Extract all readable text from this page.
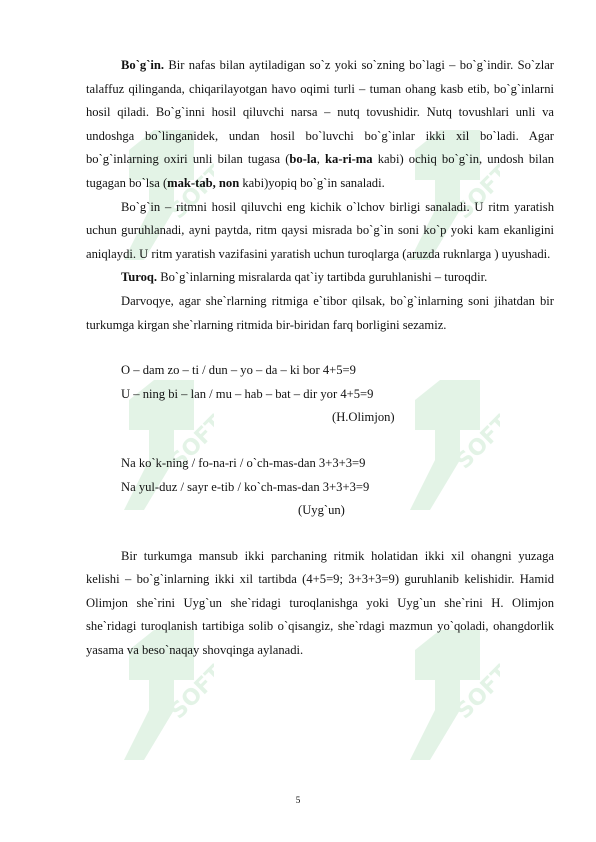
SOFT	SOFT
SOFT	SOFT
SOFT	SOFT

Bo`g`in. Bir nafas bilan aytiladigan so`z yoki so`zning bo`lagi – bo`g`indir. So`zlar talaffuz qilinganda, chiqarilayotgan havo oqimi turli – tuman ohang kasb etib, bo`g`inlarni hosil qiladi. Bo`g`inni hosil qiluvchi narsa – nutq tovushidir. Nutq tovushlari unli va undoshga bo`linganidek, undan hosil bo`luvchi bo`g`inlar ikki xil bo`ladi. Agar bo`g`inlarning oxiri unli bilan tugasa (bo-la, ka-ri-ma kabi) ochiq bo`g`in, undosh bilan tugagan bo`lsa (mak-tab, non kabi)yopiq bo`g`in sanaladi.

Bo`g`in – ritmni hosil qiluvchi eng kichik o`lchov birligi sanaladi. U ritm yaratish uchun guruhlanadi, ayni paytda, ritm qaysi misrada bo`g`in soni ko`p yoki kam ekanligini aniqlaydi. U ritm yaratish vazifasini yaratish uchun turoqlarga (aruzda ruknlarga ) uyushadi.

Turoq. Bo`g`inlarning misralarda qat`iy tartibda guruhlanishi – turoqdir.

Darvoqye, agar she`rlarning ritmiga e`tibor qilsak, bo`g`inlarning soni jihatdan bir turkumga kirgan she`rlarning ritmida bir-biridan farq borligini sezamiz.

O – dam zo – ti / dun – yo – da – ki bor 4+5=9

U – ning bi – lan / mu – hab – bat – dir yor 4+5=9

(H.Olimjon)

Na ko`k-ning / fo-na-ri / o`ch-mas-dan 3+3+3=9

Na yul-duz / sayr e-tib / ko`ch-mas-dan 3+3+3=9

(Uyg`un)

Bir turkumga mansub ikki parchaning ritmik holatidan ikki xil ohangni yuzaga kelishi – bo`g`inlarning ikki xil tartibda (4+5=9; 3+3+3=9) guruhlanib kelishidir. Hamid Olimjon she`rini Uyg`un she`ridagi turoqlanishga yoki Uyg`un she`rini H. Olimjon she`ridagi turoqlanish tartibiga solib o`qisangiz, she`rdagi mazmun yo`qoladi, ohangdorlik yasama va beso`naqay shovqinga aylanadi.

5
